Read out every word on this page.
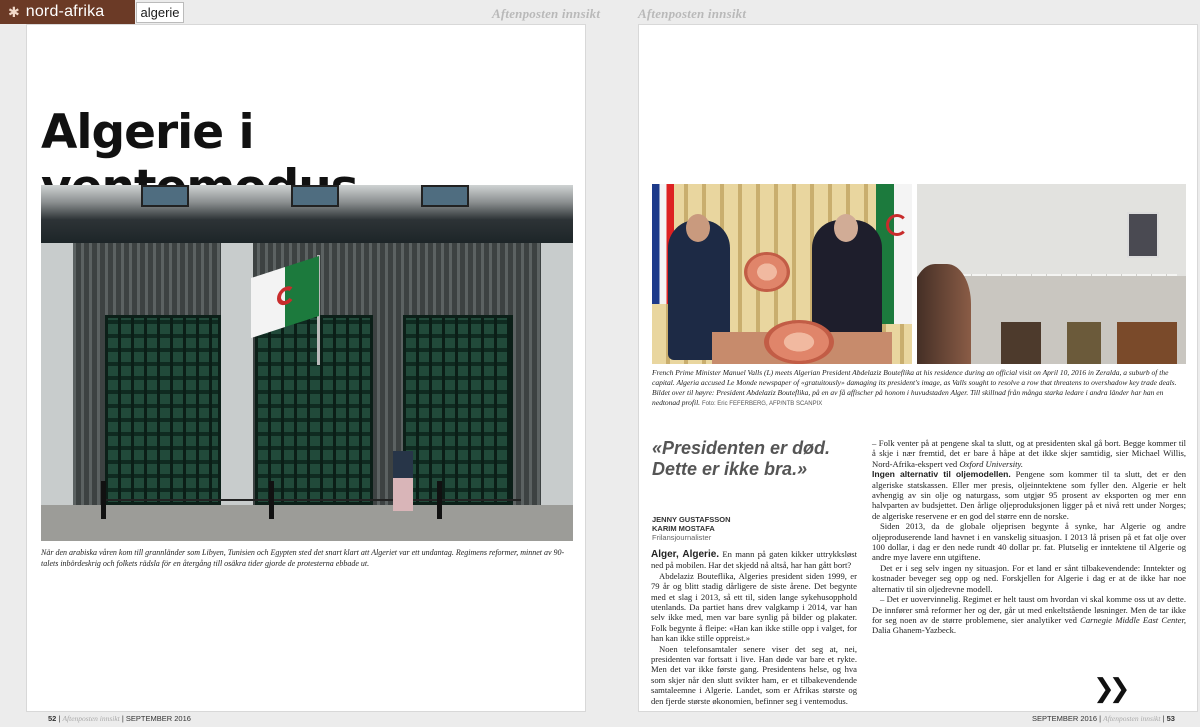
✱ nord-afrika	algerie	Aftenposten innsikt	Aftenposten innsikt
Algerie i

När den arabiska våren kom till grannländer som Libyen, Tunisien och Egypten sted det snart klart att Algeriet var ett undantag. Regimens reformer, minnet av 90-talets inbördeskrig och folkets rädsla för en återgång till osäkra tider gjorde de protesterna ebbade ut.

French Prime Minister Manuel Valls (L) meets Algerian President Abdelaziz Bouteflika at his residence during an official visit on April 10, 2016 in Zeralda, a suburb of the capital. Algeria accused Le Monde newspaper of «gratuitously» damaging its president's image, as Valls sought to resolve a row that threatens to overshadow key trade deals. Bildet over til høyre: President Abdelaziz Bouteflika, på en av få affischer på honom i huvudstaden Alger. Till skillnad från många starka ledare i andra länder har han en nedtonad profil. Foto: Eric FEFERBERG, AFP/NTB SCANPIX

«Presidenten er død. Dette er ikke bra.»
JENNY GUSTAFSSON
KARIM MOSTAFA
Frilansjournalister

– Folk venter på at pengene skal ta slutt, og at presidenten skal gå bort. Begge kommer til å skje i nær fremtid, det er bare å håpe at det ikke skjer samtidig, sier Michael Willis, Nord-Afrika-ekspert ved Oxford University.

Ingen alternativ til oljemodellen. Pengene som kommer til ta slutt, det er den algeriske statskassen. Eller mer presis, oljeinntektene som fyller den. Algerie er helt avhengig av sin olje og naturgass, som utgjør 95 prosent av eksporten og mer enn halvparten av budsjettet. Den årlige oljeproduksjonen ligger på et nivå rett under Norges; de algeriske reservene er en god del større enn de norske.

Siden 2013, da de globale oljeprisen begynte å synke, har Algerie og andre oljeproduserende land havnet i en vanskelig situasjon. I 2013 lå prisen på et fat olje over 100 dollar, i dag er den nede rundt 40 dollar pr. fat. Plutselig er inntektene til Algerie og andre mye lavere enn utgiftene.

Det er i seg selv ingen ny situasjon. For et land er sånt tilbakevendende: Inntekter og kostnader beveger seg opp og ned. Forskjellen for Algerie i dag er at de ikke har noe alternativ til sin oljedrevne modell.

– Det er uovervinnelig. Regimet er helt taust om hvordan vi skal komme oss ut av dette. De innfører små reformer her og der, går ut med enkeltstående løsninger. Men de tar ikke for seg noen av de større problemene, sier analytiker ved Carnegie Middle East Center, Dalia Ghanem-Yazbeck.

Alger, Algerie. En mann på gaten kikker uttrykksløst ned på mobilen. Har det skjedd nå altså, har han gått bort?

Abdelaziz Bouteflika, Algeries president siden 1999, er 79 år og blitt stadig dårligere de siste årene. Det begynte med et slag i 2013, så ett til, siden lange sykehusopphold utenlands. Da partiet hans drev valgkamp i 2014, var han selv ikke med, men var bare synlig på bilder og plakater. Folk begynte å fleipe: «Han kan ikke stille opp i valget, for han kan ikke stille oppreist.»

Noen telefonsamtaler senere viser det seg at, nei, presidenten var fortsatt i live. Han døde var bare et rykte. Men det var ikke første gang. Presidentens helse, og hva som skjer når den slutt svikter ham, er et tilbakevendende samtaleemne i Algerie. Landet, som er Afrikas største og den fjerde største økonomien, befinner seg i ventemodus.	❯❯
52 | Aftenposten innsikt | SEPTEMBER 2016	SEPTEMBER 2016 | Aftenposten innsikt | 53
